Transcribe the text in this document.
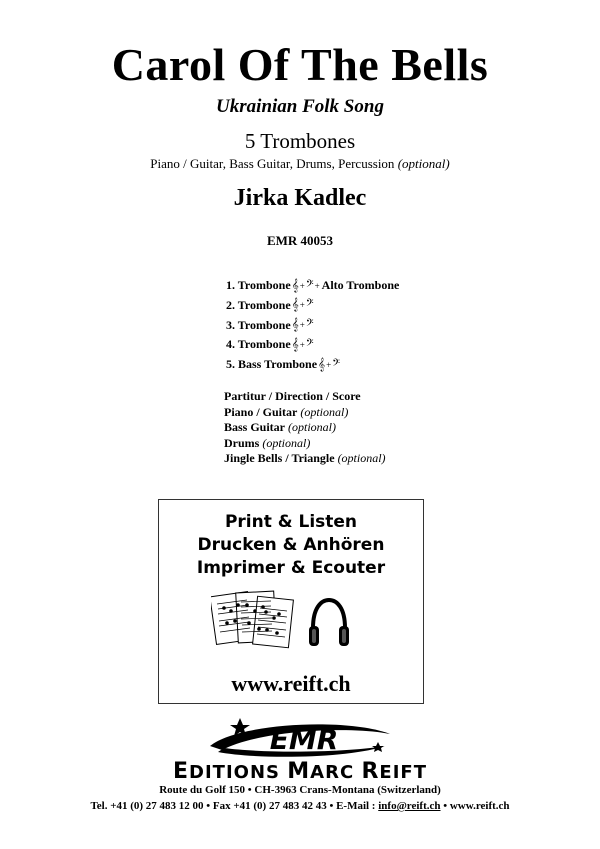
Carol Of The Bells
Ukrainian Folk Song
5 Trombones
Piano / Guitar, Bass Guitar, Drums, Percussion (optional)
Jirka Kadlec
EMR 40053
1. Trombone 𝄞+𝄢+ Alto Trombone
2. Trombone 𝄞+𝄢
3. Trombone 𝄞+𝄢
4. Trombone 𝄞+𝄢
5. Bass Trombone 𝄞+𝄢
Partitur / Direction / Score
Piano / Guitar (optional)
Bass Guitar (optional)
Drums (optional)
Jingle Bells / Triangle (optional)
Print & Listen
Drucken & Anhören
Imprimer & Ecouter
www.reift.ch
EMR
EDITIONS MARC REIFT
Route du Golf 150 • CH-3963 Crans-Montana (Switzerland)
Tel. +41 (0) 27 483 12 00 • Fax +41 (0) 27 483 42 43 • E-Mail : info@reift.ch • www.reift.ch
